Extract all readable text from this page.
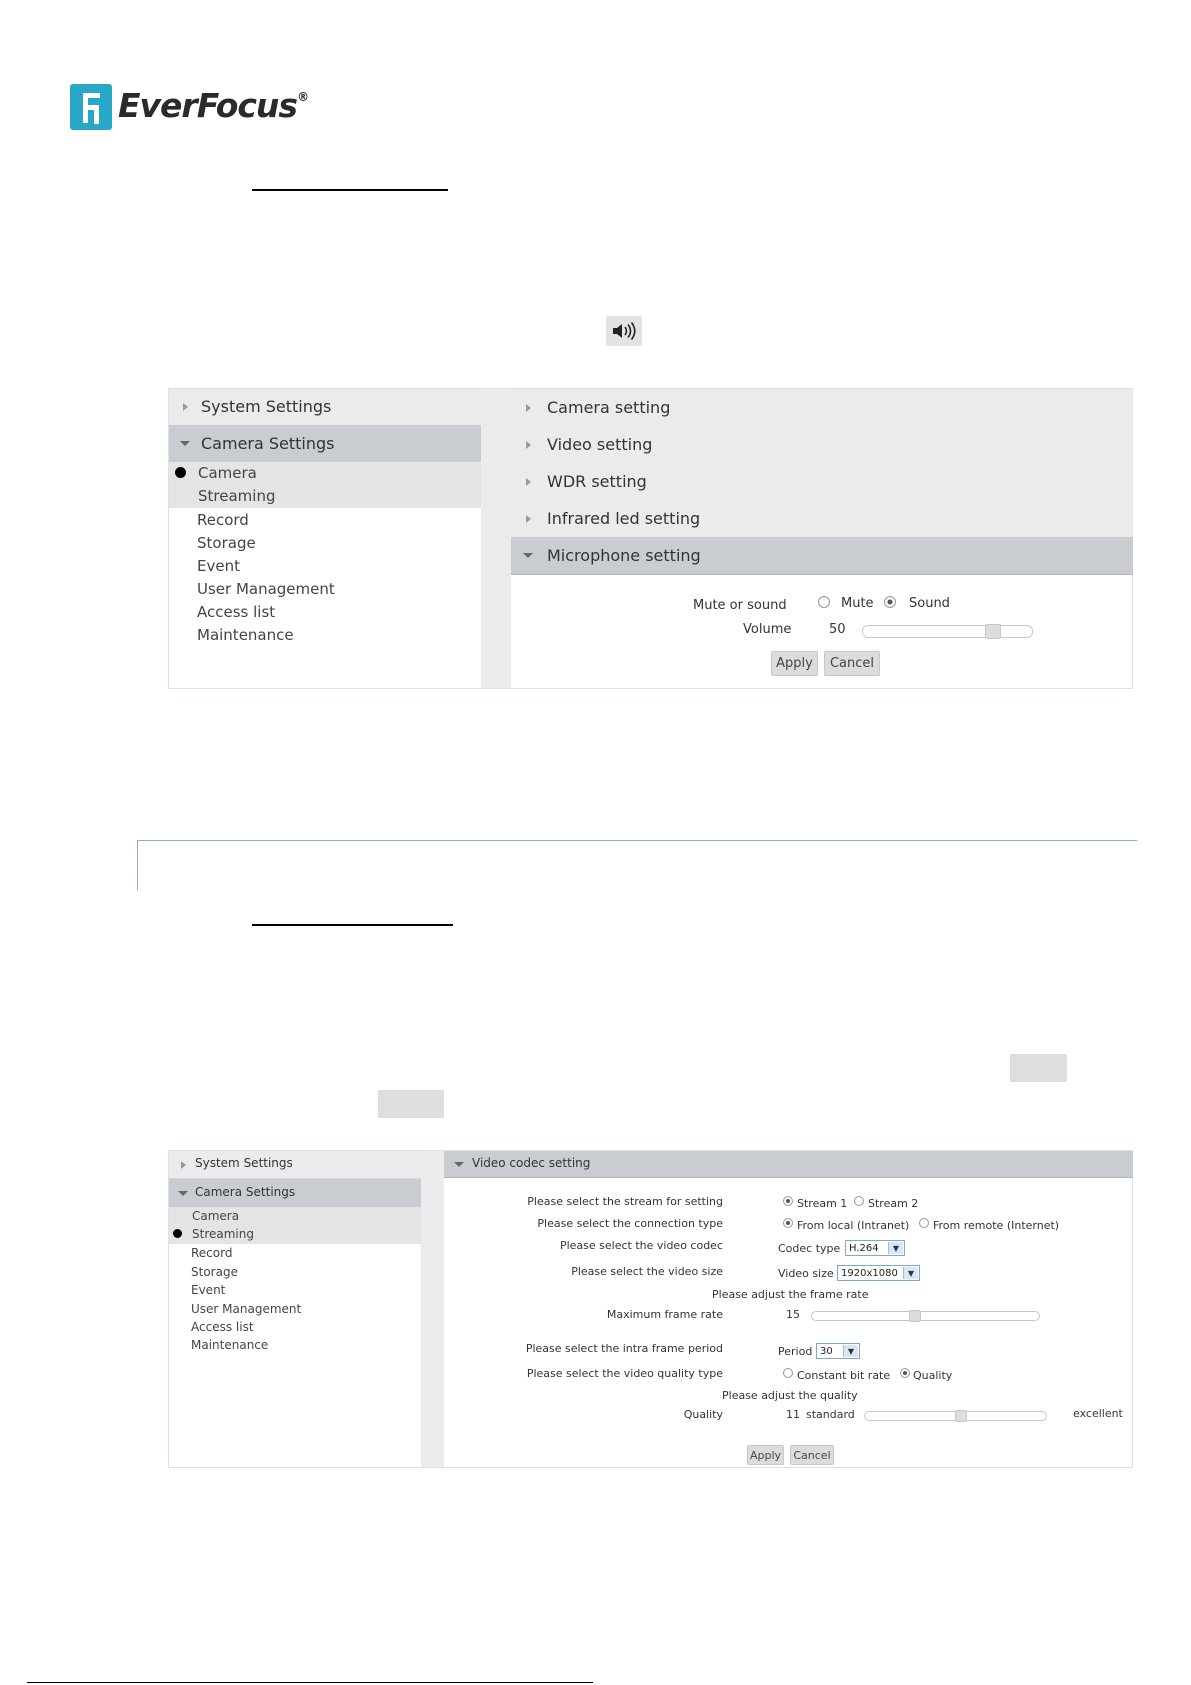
EverFocus®
System Settings
Camera Settings
Camera
Streaming
Record
Storage
Event
User Management
Access list
Maintenance
Camera setting
Video setting
WDR setting
Infrared led setting
Microphone setting
Mute or sound	Mute	Sound
Volume	50
Apply	Cancel
System Settings
Camera Settings
Camera
Streaming
Record
Storage
Event
User Management
Access list
Maintenance
Video codec setting
Please select the stream for setting	Stream 1 Stream 2
Please select the connection type	From local (Intranet) From remote (Internet)
Please select the video codec	Codec type H.264	▼
Please select the video size	Video size 1920x1080	▼
Please adjust the frame rate
Maximum frame rate	15
Please select the intra frame period	Period 30	▼
Please select the video quality type	Constant bit rate Quality
Please adjust the quality
Quality	11 standard	excellent
Apply	Cancel
